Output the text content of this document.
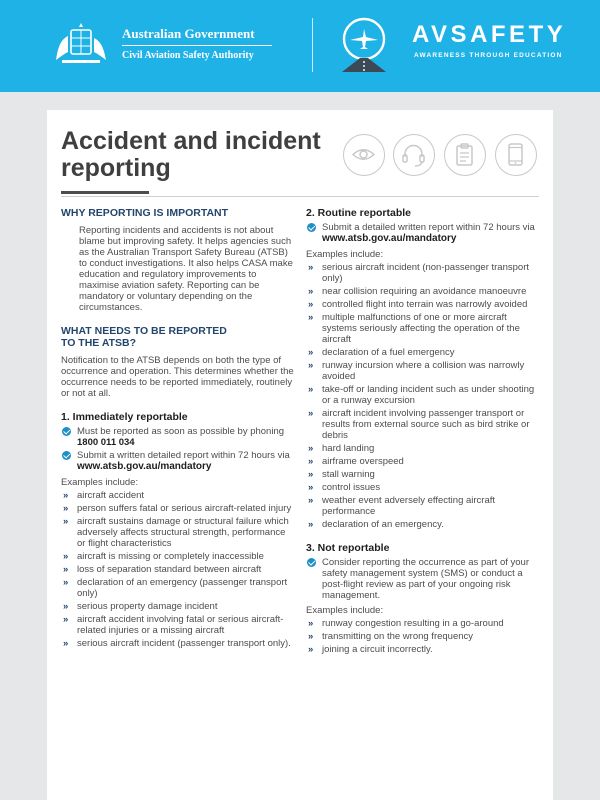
Australian Government
Civil Aviation Safety Authority
AVSAFETY
AWARENESS THROUGH EDUCATION
Accident and incident reporting
WHY REPORTING IS IMPORTANT

Reporting incidents and accidents is not about blame but improving safety. It helps agencies such as the Australian Transport Safety Bureau (ATSB) to conduct investigations. It also helps CASA make education and regulatory improvements to maximise aviation safety. Reporting can be mandatory or voluntary depending on the circumstances.

WHAT NEEDS TO BE REPORTED
TO THE ATSB?

Notification to the ATSB depends on both the type of occurrence and operation. This determines whether the occurrence needs to be reported immediately, routinely or not at all.

1. Immediately reportable
Must be reported as soon as possible by phoning 1800 011 034
Submit a written detailed report within 72 hours via
www.atsb.gov.au/mandatory

Examples include:

» aircraft accident
» person suffers fatal or serious aircraft-related injury
» aircraft sustains damage or structural failure which adversely affects structural strength, performance or flight characteristics
» aircraft is missing or completely inaccessible
» loss of separation standard between aircraft
» declaration of an emergency (passenger transport only)
» serious property damage incident
» aircraft accident involving fatal or serious aircraft-related injuries or a missing aircraft
» serious aircraft incident (passenger transport only).
2. Routine reportable
Submit a detailed written report within 72 hours via
www.atsb.gov.au/mandatory

Examples include:

» serious aircraft incident (non-passenger transport only)
» near collision requiring an avoidance manoeuvre
» controlled flight into terrain was narrowly avoided
» multiple malfunctions of one or more aircraft systems seriously affecting the operation of the aircraft
» declaration of a fuel emergency
» runway incursion where a collision was narrowly avoided
» take-off or landing incident such as under shooting or a runway excursion
» aircraft incident involving passenger transport or results from external source such as bird strike or debris
» hard landing
» airframe overspeed
» stall warning
» control issues
» weather event adversely effecting aircraft performance
» declaration of an emergency.
3. Not reportable
Consider reporting the occurrence as part of your safety management system (SMS) or conduct a post-flight review as part of your ongoing risk management.

Examples include:

» runway congestion resulting in a go-around
» transmitting on the wrong frequency
» joining a circuit incorrectly.
